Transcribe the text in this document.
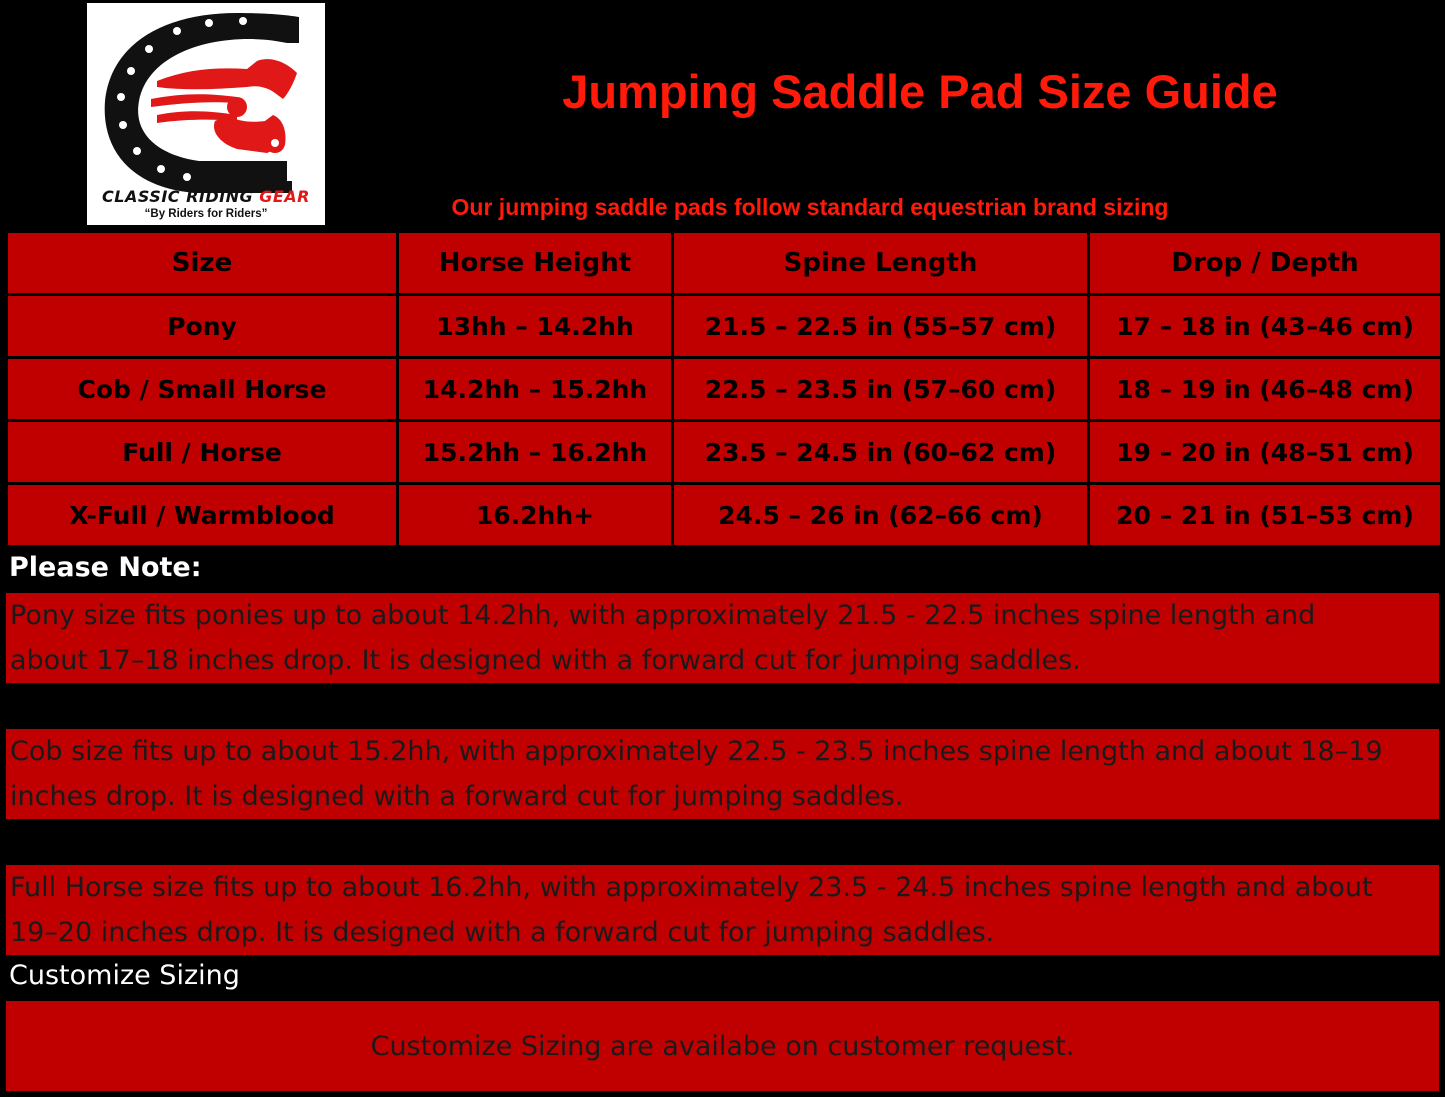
CLASSIC RIDING GEAR
“By Riders for Riders”
Jumping Saddle Pad Size Guide
Our jumping saddle pads follow standard equestrian brand sizing
Size	Horse Height	Spine Length	Drop / Depth
Pony	13hh – 14.2hh	21.5 – 22.5 in (55–57 cm)	17 – 18 in (43–46 cm)
Cob / Small Horse	14.2hh – 15.2hh	22.5 – 23.5 in (57–60 cm)	18 – 19 in (46–48 cm)
Full / Horse	15.2hh – 16.2hh	23.5 – 24.5 in (60–62 cm)	19 – 20 in (48–51 cm)
X-Full / Warmblood	16.2hh+	24.5 – 26 in (62–66 cm)	20 – 21 in (51–53 cm)
Please Note:
Pony size fits ponies up to about 14.2hh, with approximately 21.5 - 22.5 inches spine length and
about 17–18 inches drop. It is designed with a forward cut for jumping saddles.
Cob size fits up to about 15.2hh, with approximately 22.5 - 23.5 inches spine length and about 18–19
inches drop. It is designed with a forward cut for jumping saddles.
Full Horse size fits up to about 16.2hh, with approximately 23.5 - 24.5 inches spine length and about
19–20 inches drop. It is designed with a forward cut for jumping saddles.
Customize Sizing
Customize Sizing are availabe on customer request.
